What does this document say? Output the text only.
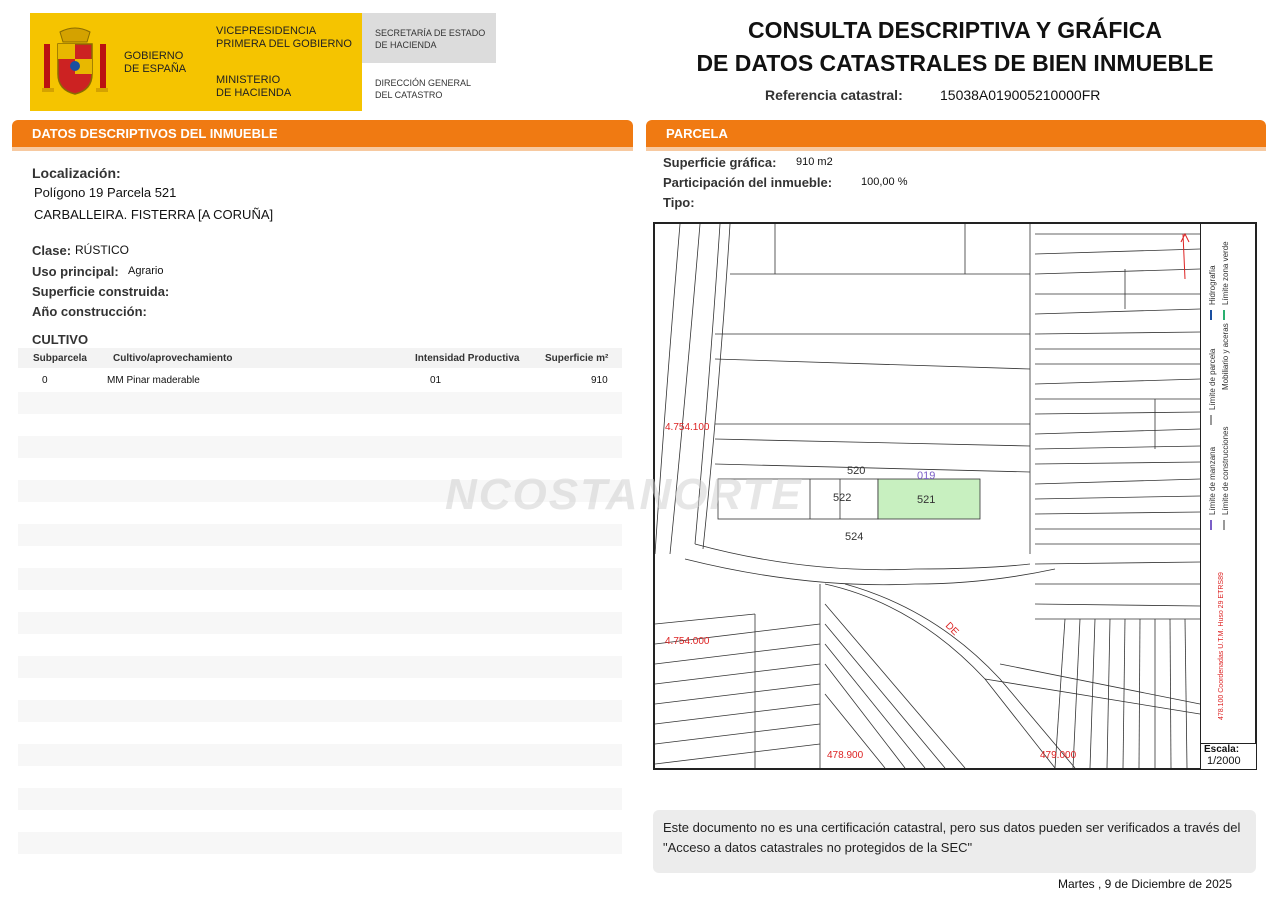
GOBIERNO
DE ESPAÑA
VICEPRESIDENCIA
PRIMERA DEL GOBIERNO
MINISTERIO
DE HACIENDA
SECRETARÍA DE ESTADO
DE HACIENDA
DIRECCIÓN GENERAL
DEL CATASTRO
CONSULTA DESCRIPTIVA Y GRÁFICA
DE DATOS CATASTRALES DE BIEN INMUEBLE
Referencia catastral:	15038A019005210000FR
DATOS DESCRIPTIVOS DEL INMUEBLE
Localización:
Polígono 19 Parcela 521
CARBALLEIRA. FISTERRA [A CORUÑA]
Clase: RÚSTICO
Uso principal: Agrario
Superficie construida:
Año construcción:
CULTIVO
Subparcela	Cultivo/aprovechamiento	Intensidad Productiva	Superficie m²
0	MM Pinar maderable	01	910
PARCELA
Superficie gráfica: 910 m2
Participación del inmueble:	100,00 %
Tipo:
520
522	521
524
019
4.754.100
4.754.000
478.900	479.000
DE
Límite de manzana
Límite de parcela
Hidrografía
Límite de construcciones
Mobiliario y aceras
Límite zona verde
478.100 Coordenadas U.T.M. Huso 29 ETRS89
Escala:
1/2000
Este documento no es una certificación catastral, pero sus datos pueden ser verificados a través del "Acceso a datos catastrales no protegidos de la SEC"
Martes , 9 de Diciembre de 2025
NCOSTANORTE
